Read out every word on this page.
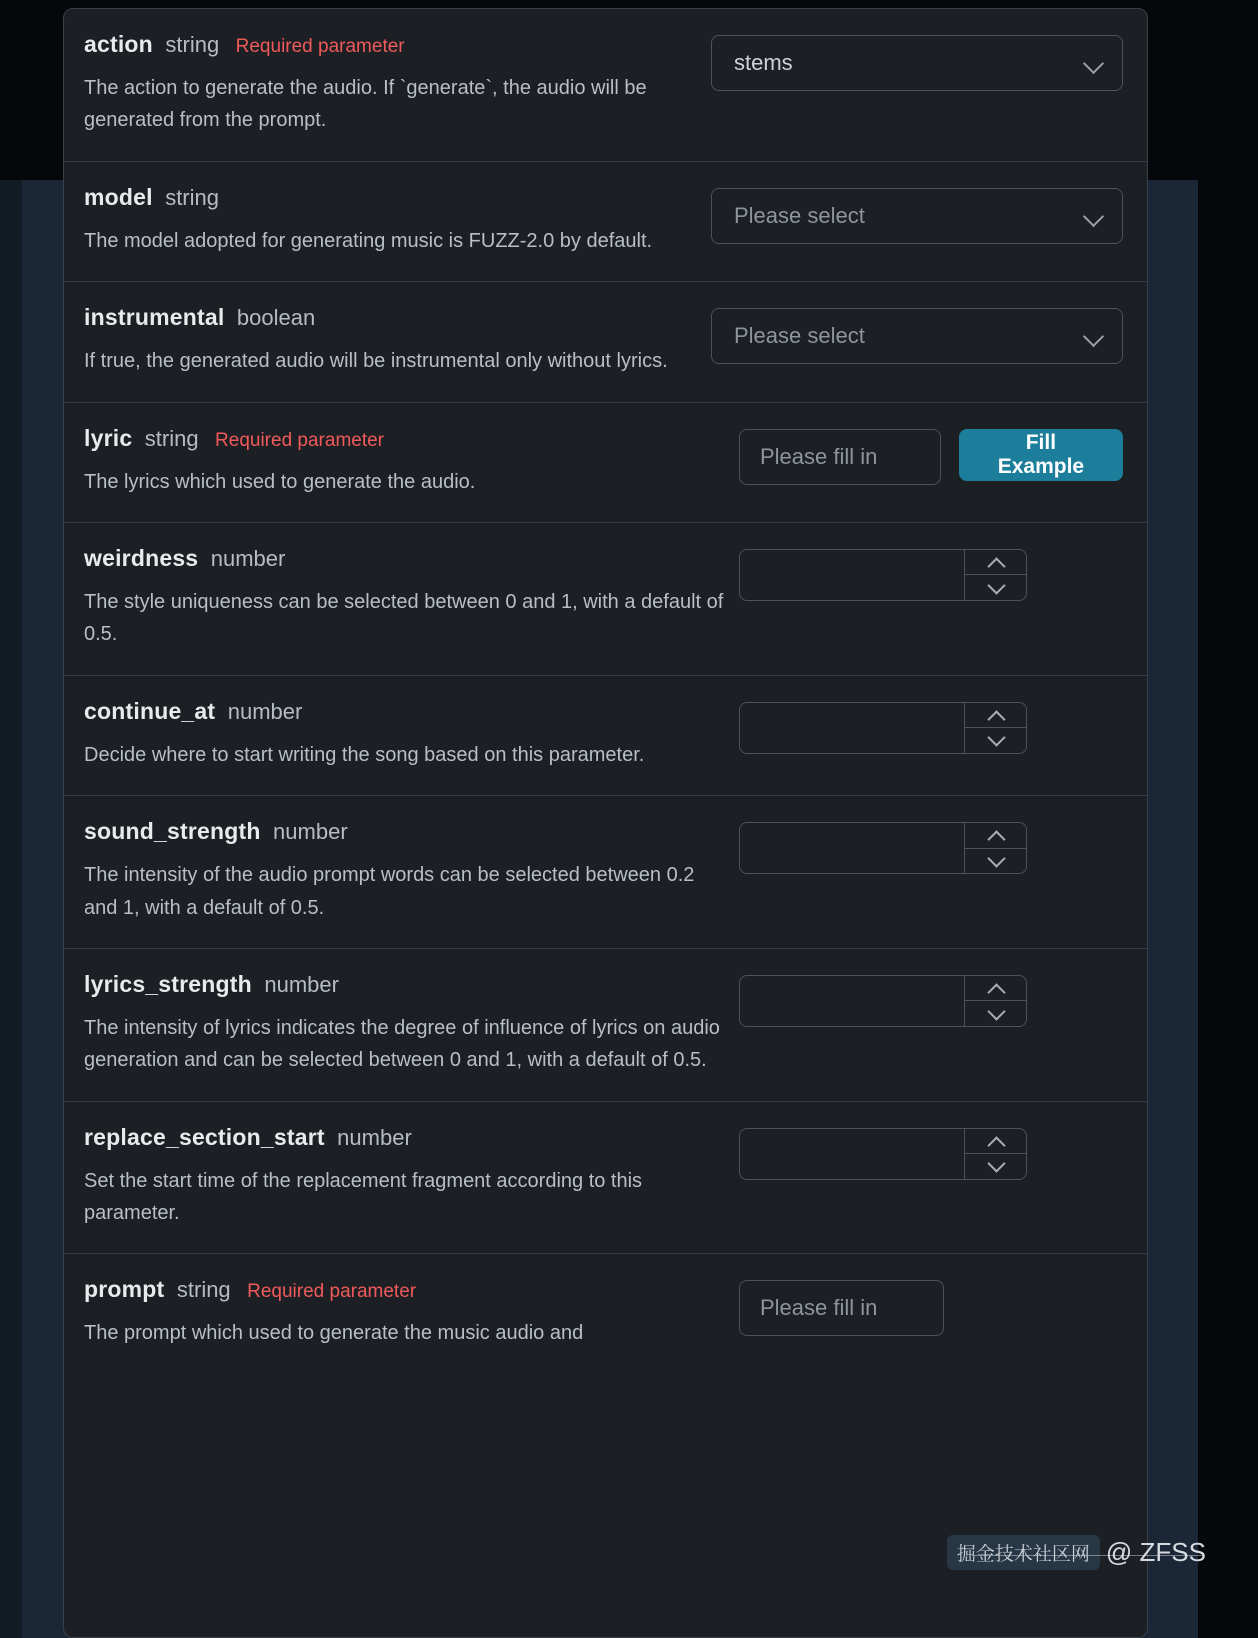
action string Required parameter
The action to generate the audio. If `generate`, the audio will be generated from the prompt.
stems
model string
The model adopted for generating music is FUZZ-2.0 by default.
Please select
instrumental boolean
If true, the generated audio will be instrumental only without lyrics.
Please select
lyric string Required parameter
The lyrics which used to generate the audio.
Please fill in
Fill Example
weirdness number
The style uniqueness can be selected between 0 and 1, with a default of 0.5.
continue_at number
Decide where to start writing the song based on this parameter.
sound_strength number
The intensity of the audio prompt words can be selected between 0.2 and 1, with a default of 0.5.
lyrics_strength number
The intensity of lyrics indicates the degree of influence of lyrics on audio generation and can be selected between 0 and 1, with a default of 0.5.
replace_section_start number
Set the start time of the replacement fragment according to this parameter.
prompt string Required parameter
The prompt which used to generate the music audio and
Please fill in
掘金技术社区网 @ ZFSS
